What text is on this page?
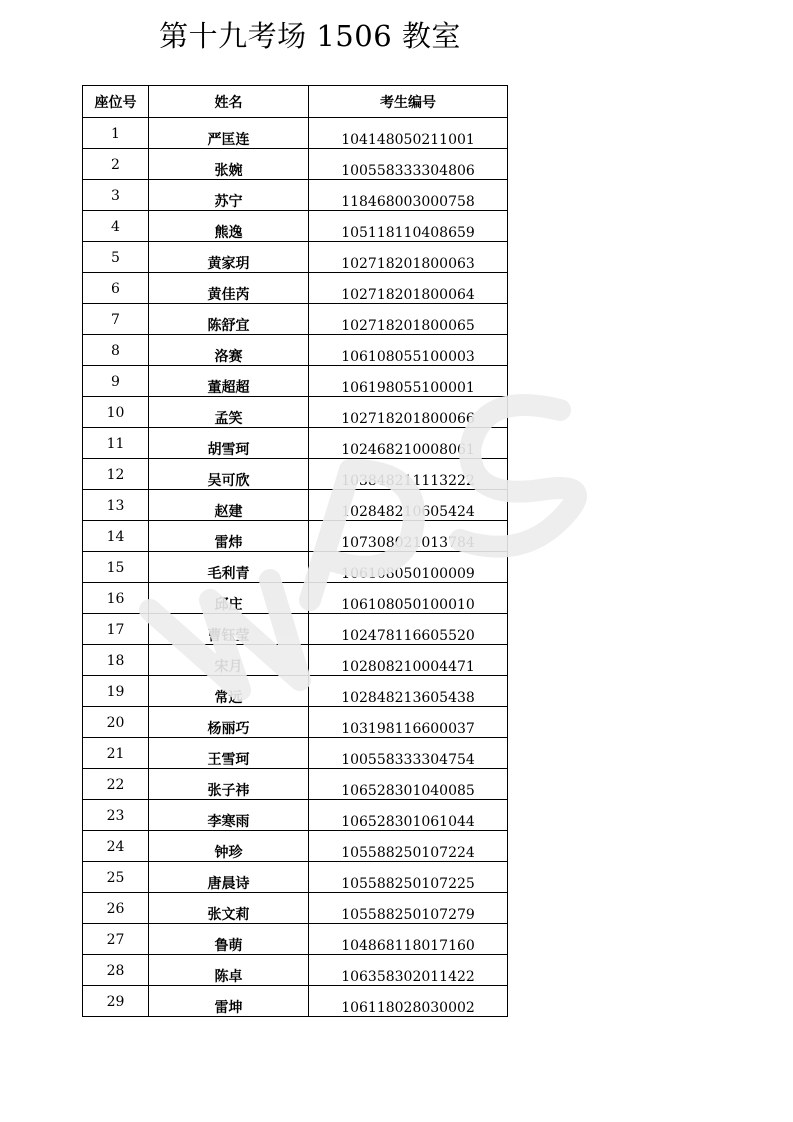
第十九考场 1506 教室
座位号	姓名	考生编号

1	严匡连	104148050211001

2	张婉	100558333304806

3	苏宁	118468003000758

4	熊逸	105118110408659

5	黄家玥	102718201800063

6	黄佳芮	102718201800064

7	陈舒宜	102718201800065

8	洛赛	106108055100003

9	董超超	106198055100001

10	孟笑	102718201800066

11	胡雪珂	102468210008061

12	吴可欣	103848211113222

13	赵建	102848210605424

14	雷炜	107308021013784

15	毛利青	106108050100009

16	邱庄	106108050100010

17	曹钰莹	102478116605520

18	宋月	102808210004471

19	常远	102848213605438

20	杨丽巧	103198116600037

21	王雪珂	100558333304754

22	张子祎	106528301040085

23	李寒雨	106528301061044

24	钟珍	105588250107224

25	唐晨诗	105588250107225

26	张文莉	105588250107279

27	鲁萌	104868118017160

28	陈卓	106358302011422

29	雷坤	106118028030002
